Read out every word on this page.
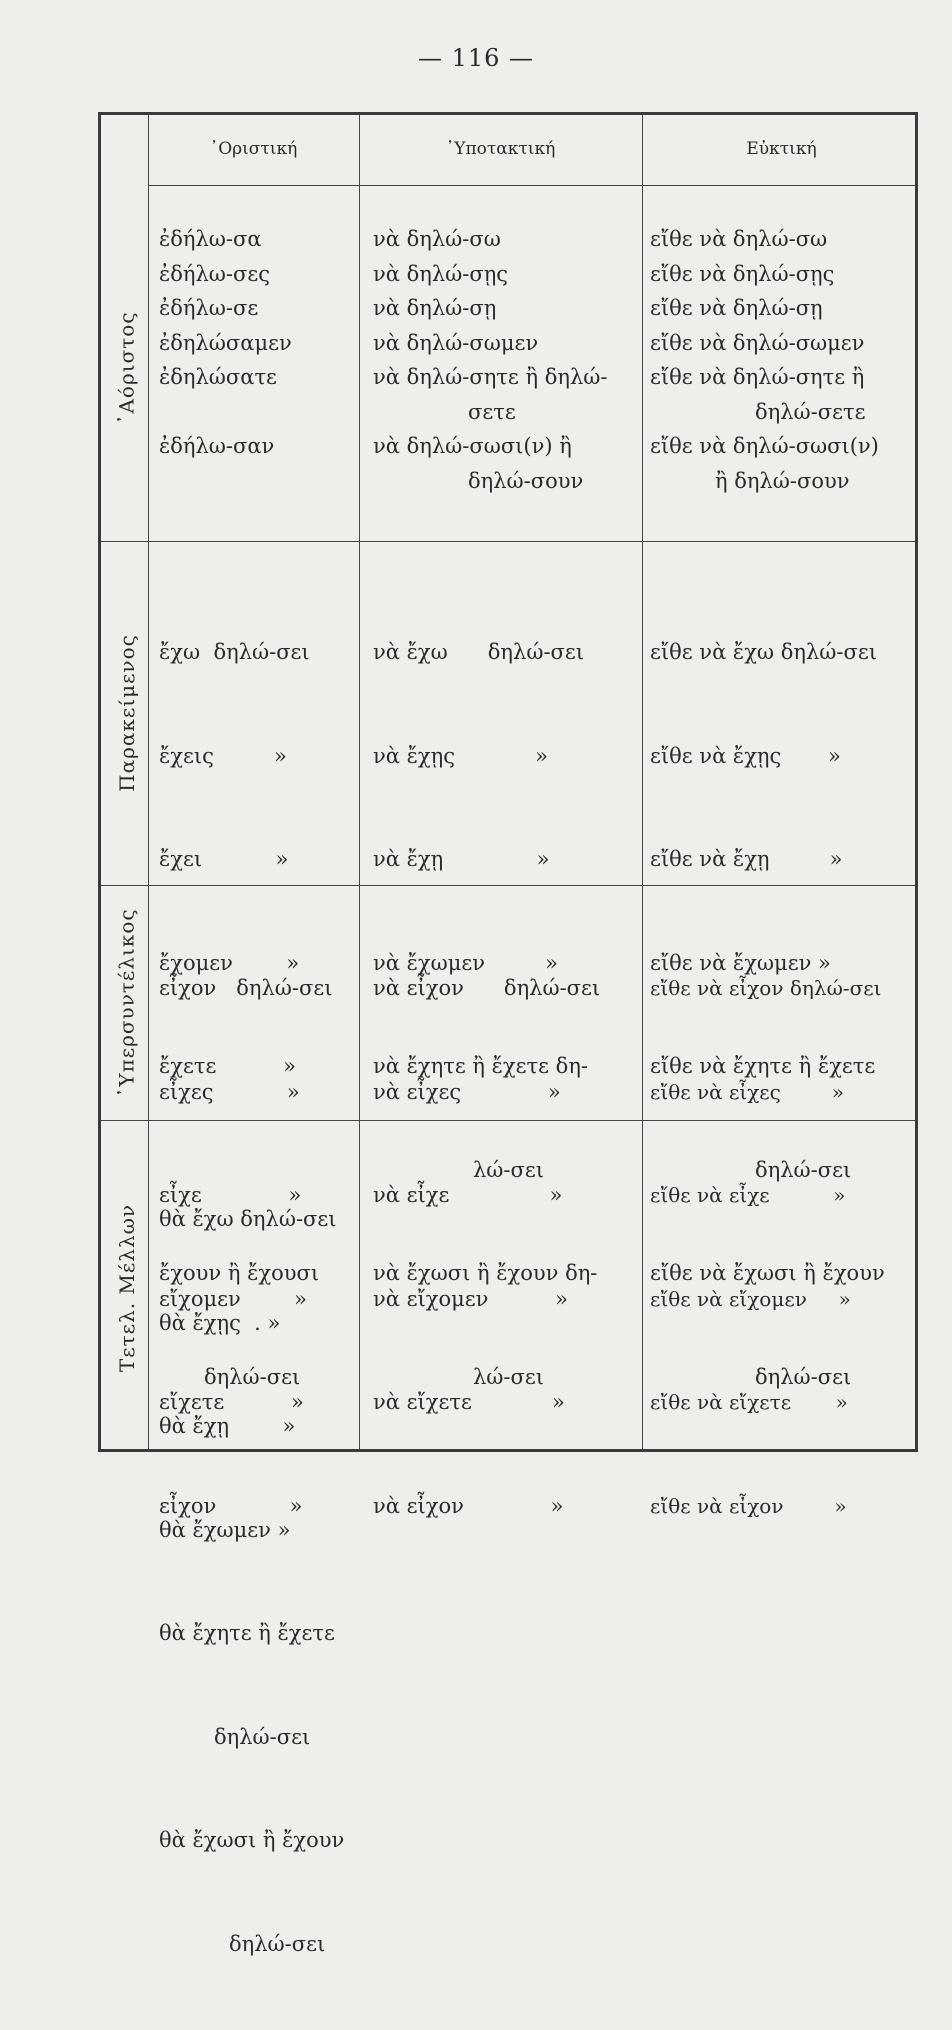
— 116 —
᾽Οριστική	᾽Υποτακτική	Εὐκτική
᾽Αόριστος
Παρακείμενος
᾽Υπερσυντέλικος
Τετελ. Μέλλων
ἐδήλω-σα
ἐδήλω-σες
ἐδήλω-σε
ἐδηλώσαμεν
ἐδηλώσατε
ἐδήλω-σαν
νὰ δηλώ-σω
νὰ δηλώ-σῃς
νὰ δηλώ-σῃ
νὰ δηλώ-σωμεν
νὰ δηλώ-σητε ἢ δηλώ-
σετε
νὰ δηλώ-σωσι(ν) ἢ
δηλώ-σουν
εἴθε νὰ δηλώ-σω
εἴθε νὰ δηλώ-σῃς
εἴθε νὰ δηλώ-σῃ
εἴθε νὰ δηλώ-σωμεν
εἴθε νὰ δηλώ-σητε ἢ
δηλώ-σετε
εἴθε νὰ δηλώ-σωσι(ν)
ἢ δηλώ-σουν

ἔχω  δηλώ-σει

ἔχεις         »

ἔχει           »

ἔχομεν        »

ἔχετε          »

ἔχουν ἢ ἔχουσι

δηλώ-σει

νὰ ἔχω      δηλώ-σει

νὰ ἔχῃς            »

νὰ ἔχῃ              »

νὰ ἔχωμεν         »

νὰ ἔχητε ἢ ἔχετε δη-

λώ-σει

νὰ ἔχωσι ἢ ἔχουν δη-

λώ-σει

εἴθε νὰ ἔχω δηλώ-σει

εἴθε νὰ ἔχῃς       »

εἴθε νὰ ἔχῃ         »

εἴθε νὰ ἔχωμεν »

εἴθε νὰ ἔχητε ἢ ἔχετε

δηλώ-σει

εἴθε νὰ ἔχωσι ἢ ἔχουν

δηλώ-σει

εἶχον   δηλώ-σει

εἶχες           »

εἶχε             »

εἴχομεν        »

εἴχετε          »

εἶχον           »

νὰ εἶχον      δηλώ-σει

νὰ εἶχες             »

νὰ εἶχε               »

νὰ εἴχομεν          »

νὰ εἴχετε            »

νὰ εἶχον             »

εἴθε νὰ εἶχον δηλώ-σει

εἴθε νὰ εἶχες        »

εἴθε νὰ εἶχε          »

εἴθε νὰ εἴχομεν     »

εἴθε νὰ εἴχετε       »

εἴθε νὰ εἶχον        »

θὰ ἔχω δηλώ-σει

θὰ ἔχῃς  . »

θὰ ἔχῃ        »

θὰ ἔχωμεν »

θὰ ἔχητε ἢ ἔχετε

δηλώ-σει

θὰ ἔχωσι ἢ ἔχουν

δηλώ-σει
